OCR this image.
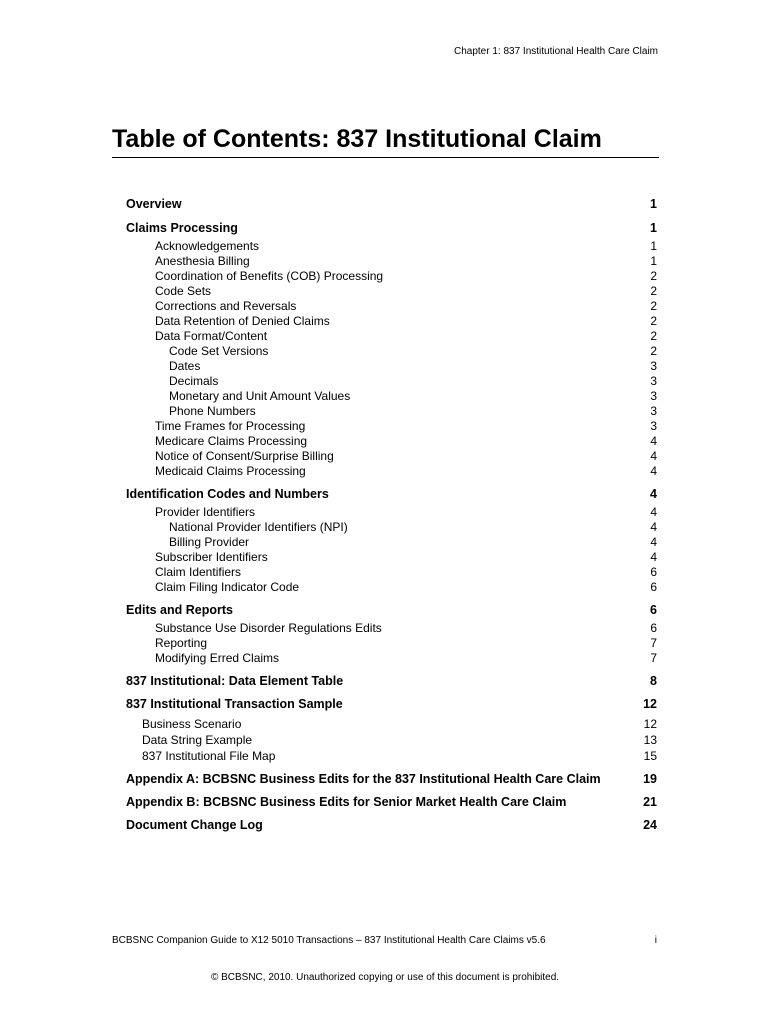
Chapter 1: 837 Institutional Health Care Claim
Table of Contents: 837 Institutional Claim
Overview	1
Claims Processing	1
Acknowledgements	1
Anesthesia Billing	1
Coordination of Benefits (COB) Processing	2
Code Sets	2
Corrections and Reversals	2
Data Retention of Denied Claims	2
Data Format/Content	2
Code Set Versions	2
Dates	3
Decimals	3
Monetary and Unit Amount Values	3
Phone Numbers	3
Time Frames for Processing	3
Medicare Claims Processing	4
Notice of Consent/Surprise Billing	4
Medicaid Claims Processing	4
Identification Codes and Numbers	4
Provider Identifiers	4
National Provider Identifiers (NPI)	4
Billing Provider	4
Subscriber Identifiers	4
Claim Identifiers	6
Claim Filing Indicator Code	6
Edits and Reports	6
Substance Use Disorder Regulations Edits	6
Reporting	7
Modifying Erred Claims	7
837 Institutional: Data Element Table	8
837 Institutional Transaction Sample	12
Business Scenario	12
Data String Example	13
837 Institutional File Map	15
Appendix A: BCBSNC Business Edits for the 837 Institutional Health Care Claim	19
Appendix B: BCBSNC Business Edits for Senior Market Health Care Claim	21
Document Change Log	24
BCBSNC Companion Guide to X12 5010 Transactions – 837 Institutional Health Care Claims v5.6	i
© BCBSNC, 2010. Unauthorized copying or use of this document is prohibited.
